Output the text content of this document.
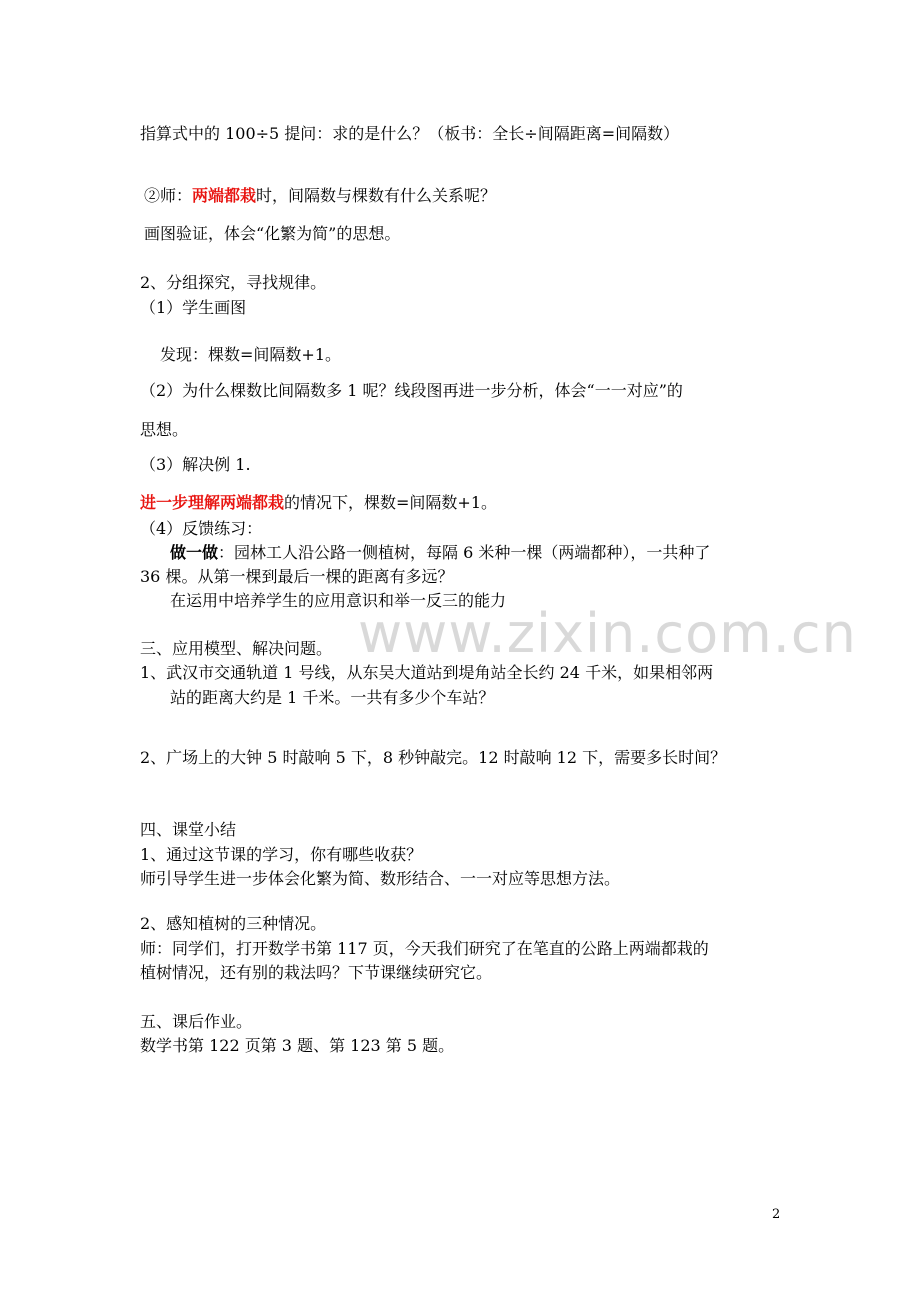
www.zixin.com.cn
指算式中的 100÷5 提问：求的是什么？（板书：全长÷间隔距离=间隔数）
②师：两端都栽时，间隔数与棵数有什么关系呢？
画图验证，体会“化繁为简”的思想。
2、分组探究，寻找规律。
（1）学生画图
发现：棵数=间隔数+1。
（2）为什么棵数比间隔数多 1 呢？线段图再进一步分析，体会“一一对应”的
思想。
（3）解决例 1.
进一步理解两端都栽的情况下，棵数=间隔数+1。
（4）反馈练习：
做一做：园林工人沿公路一侧植树，每隔 6 米种一棵（两端都种），一共种了
36 棵。从第一棵到最后一棵的距离有多远？
在运用中培养学生的应用意识和举一反三的能力
三、应用模型、解决问题。
1、武汉市交通轨道 1 号线，从东吴大道站到堤角站全长约 24 千米，如果相邻两
站的距离大约是 1 千米。一共有多少个车站？
2、广场上的大钟 5 时敲响 5 下，8 秒钟敲完。12 时敲响 12 下，需要多长时间？
四、课堂小结
1、通过这节课的学习，你有哪些收获？
师引导学生进一步体会化繁为简、数形结合、一一对应等思想方法。
2、感知植树的三种情况。
师：同学们，打开数学书第 117 页，今天我们研究了在笔直的公路上两端都栽的
植树情况，还有别的栽法吗？下节课继续研究它。
五、课后作业。
数学书第 122 页第 3 题、第 123 第 5 题。
2
